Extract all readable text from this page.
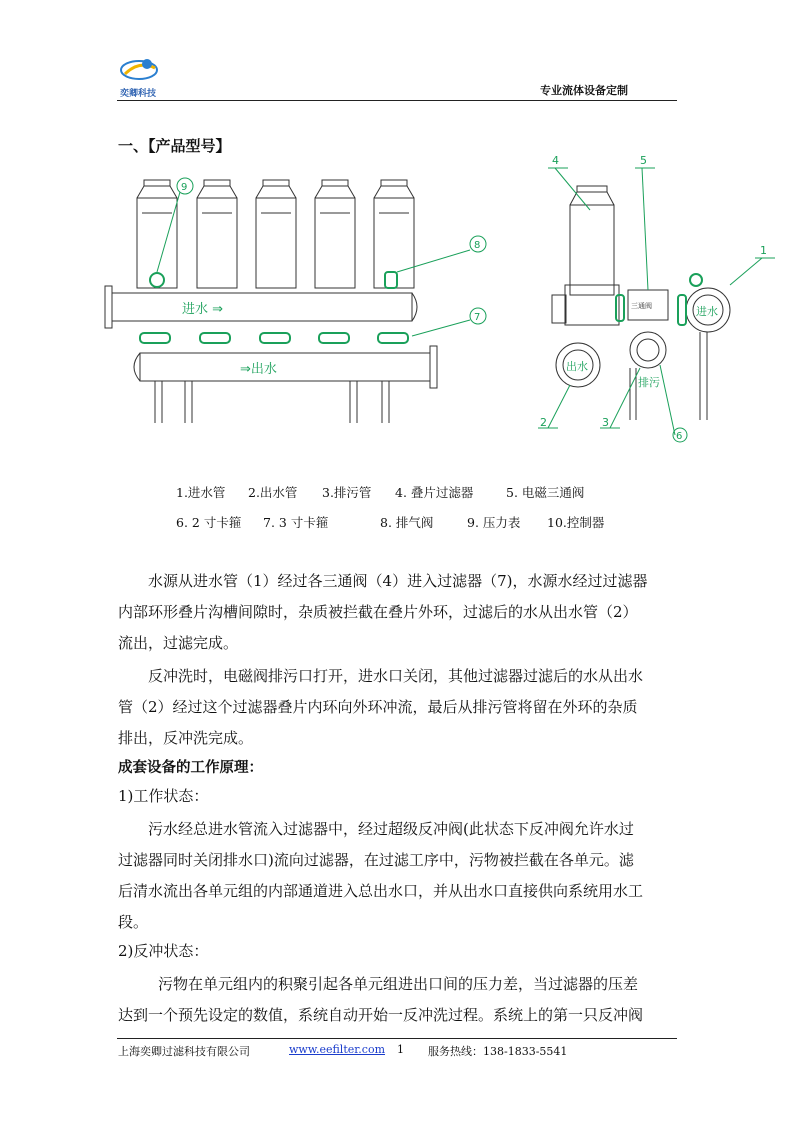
奕卿科技	专业流体设备定制
一、【产品型号】
9
8
7
进水 ⇒
⇒出水
4	5
1
2	3
6
出水
排污
进水
三通阀
1.进水管 2.出水管 3.排污管 4. 叠片过滤器	5. 电磁三通阀
6. 2 寸卡箍 7. 3 寸卡箍	8. 排气阀	9. 压力表 10.控制器
水源从进水管（1）经过各三通阀（4）进入过滤器（7)，水源水经过过滤器
内部环形叠片沟槽间隙时，杂质被拦截在叠片外环，过滤后的水从出水管（2）
流出，过滤完成。
反冲洗时，电磁阀排污口打开，进水口关闭，其他过滤器过滤后的水从出水
管（2）经过这个过滤器叠片内环向外环冲流，最后从排污管将留在外环的杂质
排出，反冲洗完成。
成套设备的工作原理：
1)工作状态：
污水经总进水管流入过滤器中，经过超级反冲阀(此状态下反冲阀允许水过
过滤器同时关闭排水口)流向过滤器，在过滤工序中，污物被拦截在各单元。滤
后清水流出各单元组的内部通道进入总出水口，并从出水口直接供向系统用水工
段。
2)反冲状态：
污物在单元组内的积聚引起各单元组进出口间的压力差，当过滤器的压差
达到一个预先设定的数值，系统自动开始一反冲洗过程。系统上的第一只反冲阀
上海奕卿过滤科技有限公司	www.eefilter.com 1 服务热线：138-1833-5541
